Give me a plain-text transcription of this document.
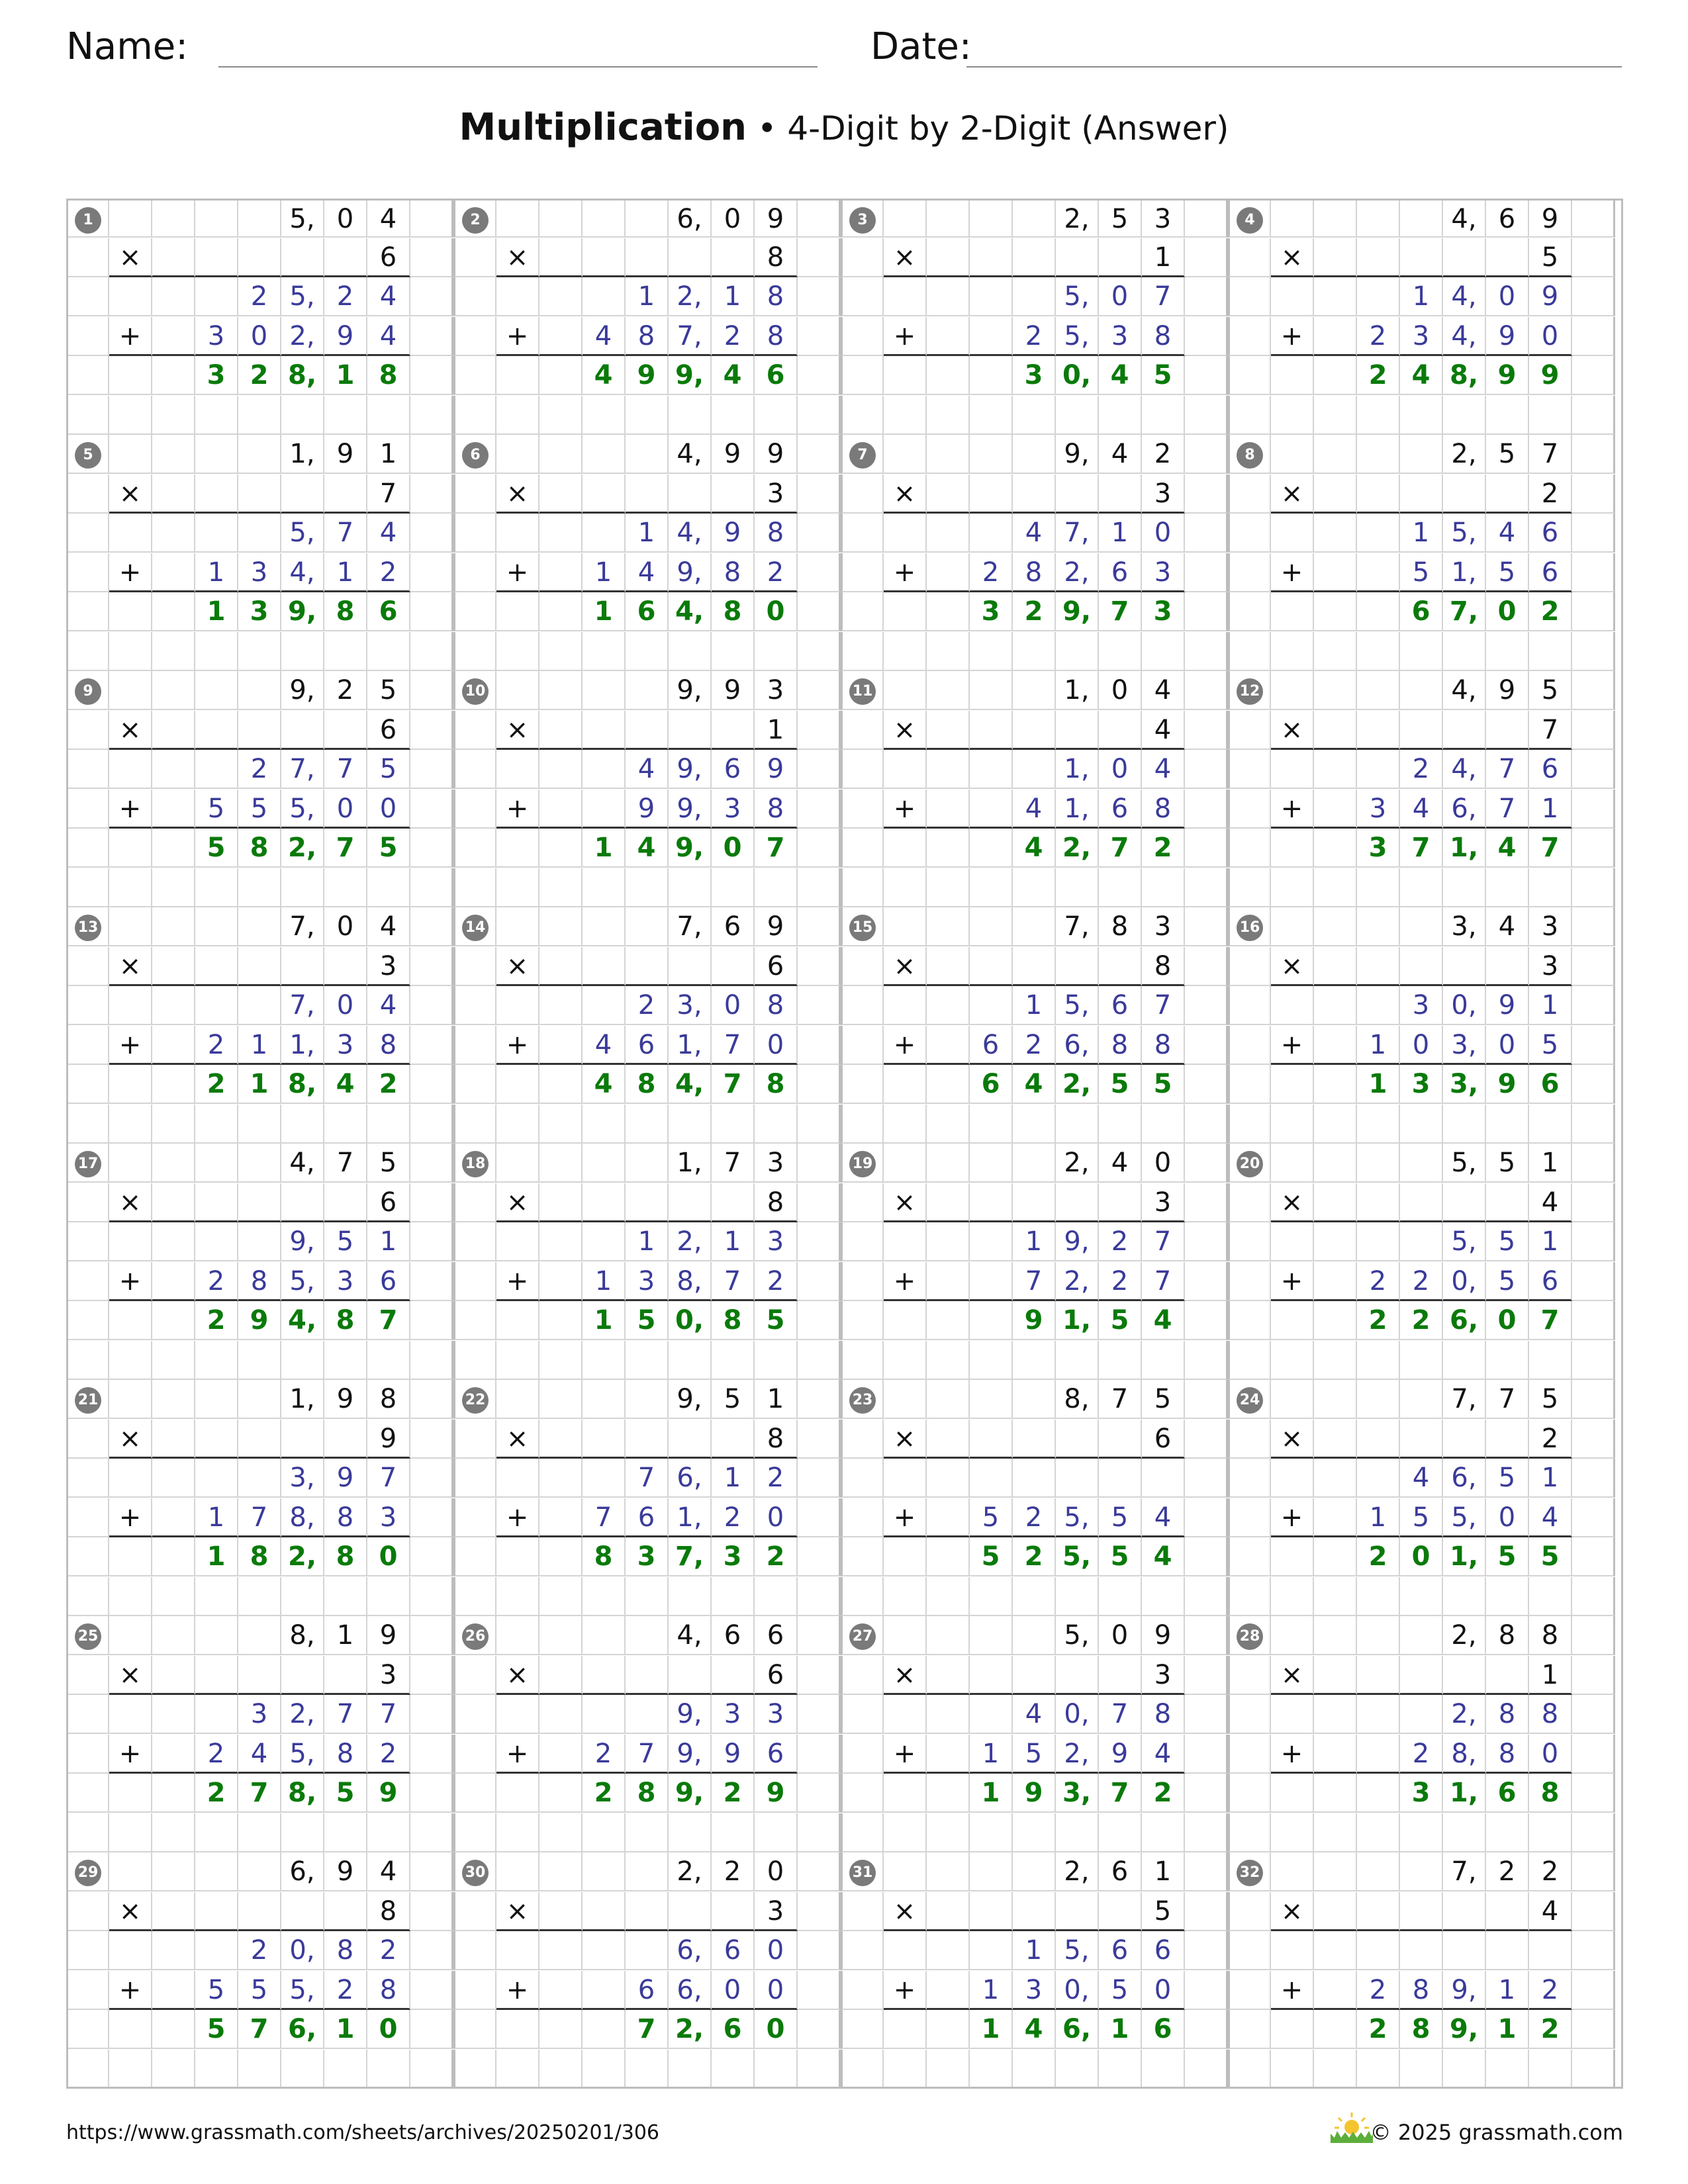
Name:	Date:
Multiplication • 4-Digit by 2-Digit (Answer)
1	5, 0 4
×	6
2 5, 2 4
+	3 0 2, 9 4
3 2 8, 1 8
2	6, 0 9
×	8
1 2, 1 8
+	4 8 7, 2 8
4 9 9, 4 6
3	2, 5 3
×	1
5, 0 7
+	2 5, 3 8
3 0, 4 5
4	4, 6 9
×	5
1 4, 0 9
+	2 3 4, 9 0
2 4 8, 9 9
5	1, 9 1
×	7
5, 7 4
+	1 3 4, 1 2
1 3 9, 8 6
6	4, 9 9
×	3
1 4, 9 8
+	1 4 9, 8 2
1 6 4, 8 0
7	9, 4 2
×	3
4 7, 1 0
+	2 8 2, 6 3
3 2 9, 7 3
8	2, 5 7
×	2
1 5, 4 6
+	5 1, 5 6
6 7, 0 2
9	9, 2 5
×	6
2 7, 7 5
+	5 5 5, 0 0
5 8 2, 7 5
10	9, 9 3
×	1
4 9, 6 9
+	9 9, 3 8
1 4 9, 0 7
11	1, 0 4
×	4
1, 0 4
+	4 1, 6 8
4 2, 7 2
12	4, 9 5
×	7
2 4, 7 6
+	3 4 6, 7 1
3 7 1, 4 7
13	7, 0 4
×	3
7, 0 4
+	2 1 1, 3 8
2 1 8, 4 2
14	7, 6 9
×	6
2 3, 0 8
+	4 6 1, 7 0
4 8 4, 7 8
15	7, 8 3
×	8
1 5, 6 7
+	6 2 6, 8 8
6 4 2, 5 5
16	3, 4 3
×	3
3 0, 9 1
+	1 0 3, 0 5
1 3 3, 9 6
17	4, 7 5
×	6
9, 5 1
+	2 8 5, 3 6
2 9 4, 8 7
18	1, 7 3
×	8
1 2, 1 3
+	1 3 8, 7 2
1 5 0, 8 5
19	2, 4 0
×	3
1 9, 2 7
+	7 2, 2 7
9 1, 5 4
20	5, 5 1
×	4
5, 5 1
+	2 2 0, 5 6
2 2 6, 0 7
21	1, 9 8
×	9
3, 9 7
+	1 7 8, 8 3
1 8 2, 8 0
22	9, 5 1
×	8
7 6, 1 2
+	7 6 1, 2 0
8 3 7, 3 2
23	8, 7 5
×	6
+	5 2 5, 5 4
5 2 5, 5 4
24	7, 7 5
×	2
4 6, 5 1
+	1 5 5, 0 4
2 0 1, 5 5
25	8, 1 9
×	3
3 2, 7 7
+	2 4 5, 8 2
2 7 8, 5 9
26	4, 6 6
×	6
9, 3 3
+	2 7 9, 9 6
2 8 9, 2 9
27	5, 0 9
×	3
4 0, 7 8
+	1 5 2, 9 4
1 9 3, 7 2
28	2, 8 8
×	1
2, 8 8
+	2 8, 8 0
3 1, 6 8
29	6, 9 4
×	8
2 0, 8 2
+	5 5 5, 2 8
5 7 6, 1 0
30	2, 2 0
×	3
6, 6 0
+	6 6, 0 0
7 2, 6 0
31	2, 6 1
×	5
1 5, 6 6
+	1 3 0, 5 0
1 4 6, 1 6
32	7, 2 2
×	4
+	2 8 9, 1 2
2 8 9, 1 2
https://www.grassmath.com/sheets/archives/20250201/306	© 2025 grassmath.com
